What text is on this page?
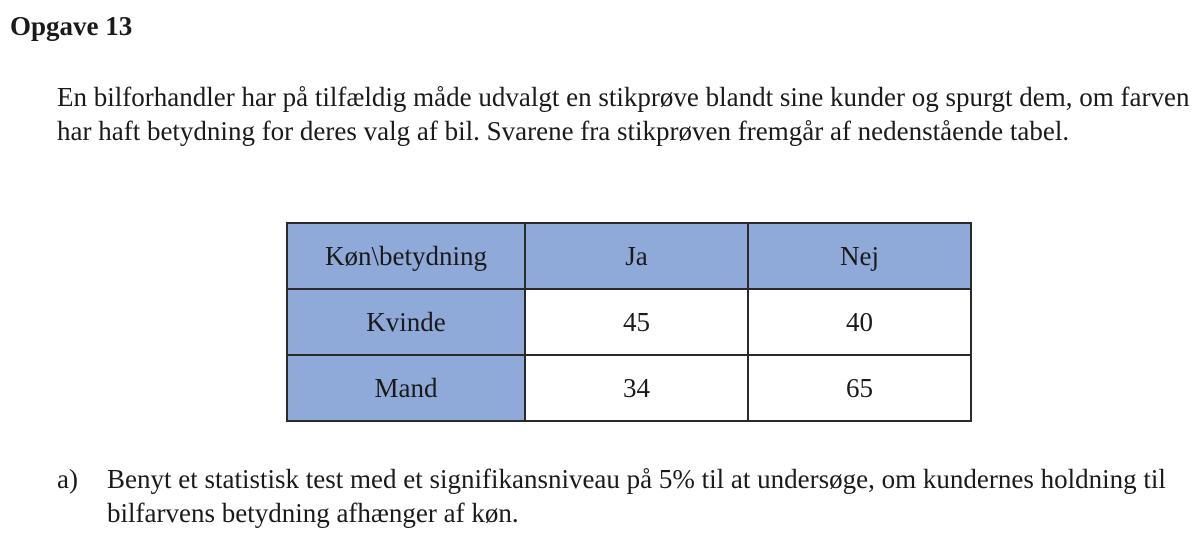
Opgave 13

En bilforhandler har på tilfældig måde udvalgt en stikprøve blandt sine kunder og spurgt dem, om farven har haft betydning for deres valg af bil. Svarene fra stikprøven fremgår af nedenstående tabel.

Køn\betydning	Ja	Nej
Kvinde	45	40
Mand	34	65
a)	Benyt et statistisk test med et signifikansniveau på 5% til at undersøge, om kundernes holdning til bilfarvens betydning afhænger af køn.
